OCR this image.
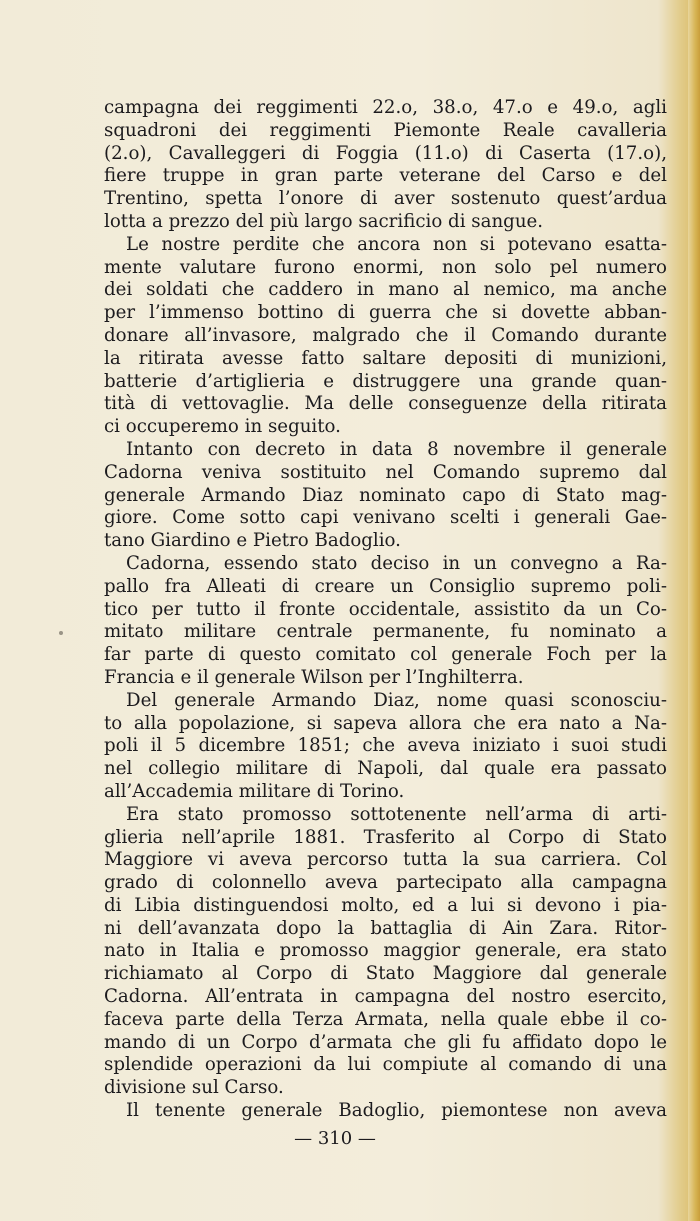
campagna dei reggimenti 22.o, 38.o, 47.o e 49.o, agli
squadroni dei reggimenti Piemonte Reale cavalleria
(2.o), Cavalleggeri di Foggia (11.o) di Caserta (17.o),
fiere truppe in gran parte veterane del Carso e del
Trentino, spetta l’onore di aver sostenuto quest’ardua
lotta a prezzo del più largo sacrificio di sangue.
Le nostre perdite che ancora non si potevano esatta-
mente valutare furono enormi, non solo pel numero
dei soldati che caddero in mano al nemico, ma anche
per l’immenso bottino di guerra che si dovette abban-
donare all’invasore, malgrado che il Comando durante
la ritirata avesse fatto saltare depositi di munizioni,
batterie d’artiglieria e distruggere una grande quan-
tità di vettovaglie. Ma delle conseguenze della ritirata
ci occuperemo in seguito.
Intanto con decreto in data 8 novembre il generale
Cadorna veniva sostituito nel Comando supremo dal
generale Armando Diaz nominato capo di Stato mag-
giore. Come sotto capi venivano scelti i generali Gae-
tano Giardino e Pietro Badoglio.
Cadorna, essendo stato deciso in un convegno a Ra-
pallo fra Alleati di creare un Consiglio supremo poli-
tico per tutto il fronte occidentale, assistito da un Co-
mitato militare centrale permanente, fu nominato a
far parte di questo comitato col generale Foch per la
Francia e il generale Wilson per l’Inghilterra.
Del generale Armando Diaz, nome quasi sconosciu-
to alla popolazione, si sapeva allora che era nato a Na-
poli il 5 dicembre 1851; che aveva iniziato i suoi studi
nel collegio militare di Napoli, dal quale era passato
all’Accademia militare di Torino.
Era stato promosso sottotenente nell’arma di arti-
glieria nell’aprile 1881. Trasferito al Corpo di Stato
Maggiore vi aveva percorso tutta la sua carriera. Col
grado di colonnello aveva partecipato alla campagna
di Libia distinguendosi molto, ed a lui si devono i pia-
ni dell’avanzata dopo la battaglia di Ain Zara. Ritor-
nato in Italia e promosso maggior generale, era stato
richiamato al Corpo di Stato Maggiore dal generale
Cadorna. All’entrata in campagna del nostro esercito,
faceva parte della Terza Armata, nella quale ebbe il co-
mando di un Corpo d’armata che gli fu affidato dopo le
splendide operazioni da lui compiute al comando di una
divisione sul Carso.
Il tenente generale Badoglio, piemontese non aveva
— 310 —
